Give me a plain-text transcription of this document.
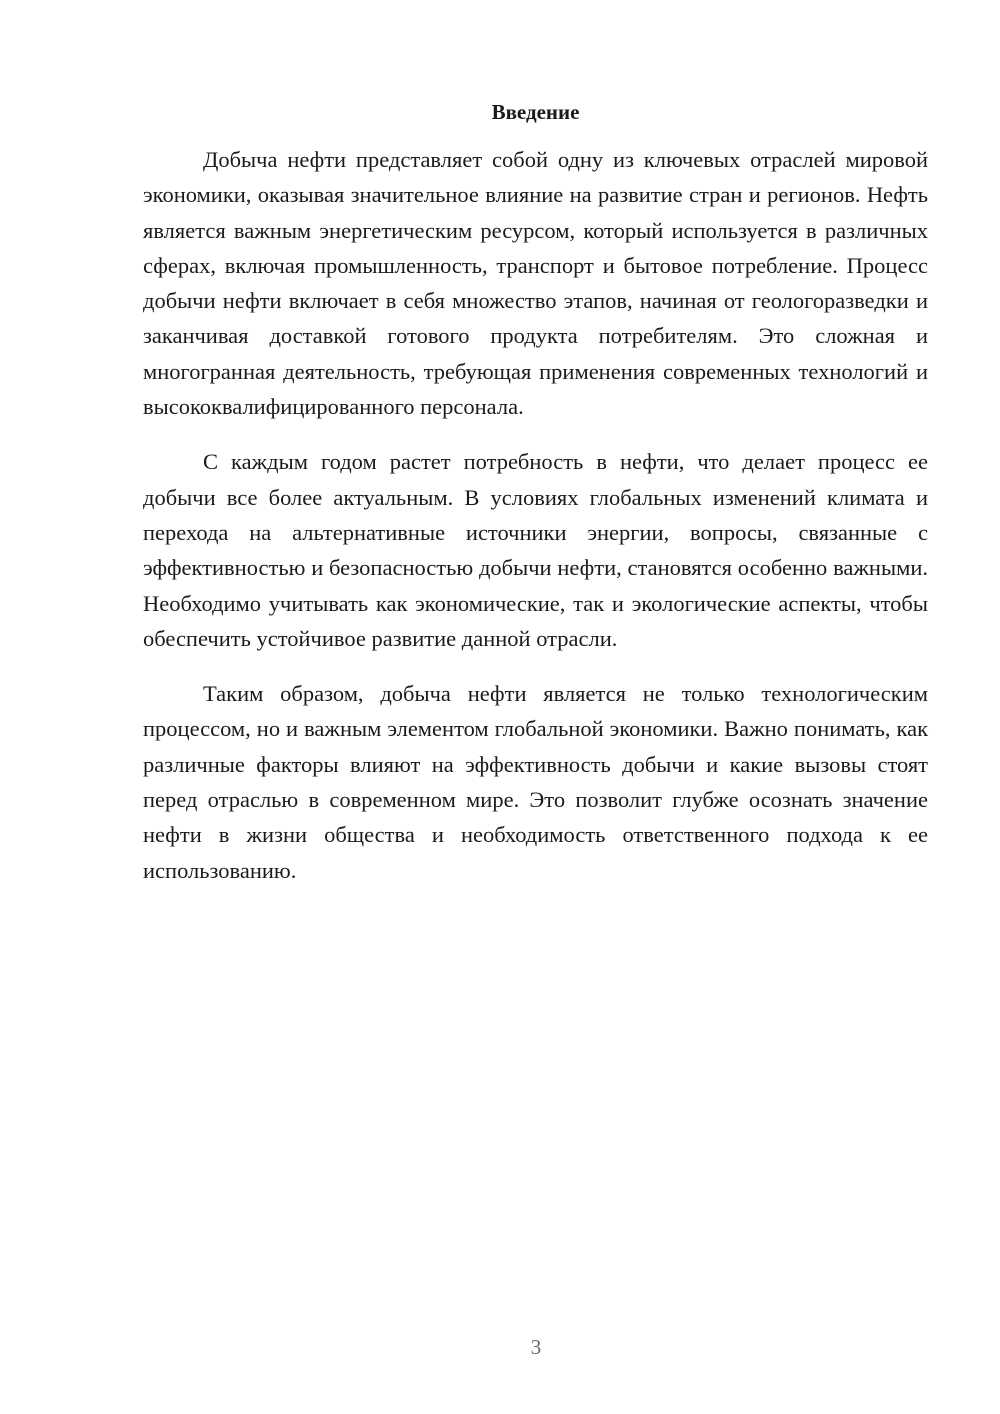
Введение

Добыча нефти представляет собой одну из ключевых отраслей мировой экономики, оказывая значительное влияние на развитие стран и регионов. Нефть является важным энергетическим ресурсом, который используется в различных сферах, включая промышленность, транспорт и бытовое потребление. Процесс добычи нефти включает в себя множество этапов, начиная от геологоразведки и заканчивая доставкой готового продукта потребителям. Это сложная и многогранная деятельность, требующая применения современных технологий и высококвалифицированного персонала.

С каждым годом растет потребность в нефти, что делает процесс ее добычи все более актуальным. В условиях глобальных изменений климата и перехода на альтернативные источники энергии, вопросы, связанные с эффективностью и безопасностью добычи нефти, становятся особенно важными. Необходимо учитывать как экономические, так и экологические аспекты, чтобы обеспечить устойчивое развитие данной отрасли.

Таким образом, добыча нефти является не только технологическим процессом, но и важным элементом глобальной экономики. Важно понимать, как различные факторы влияют на эффективность добычи и какие вызовы стоят перед отраслью в современном мире. Это позволит глубже осознать значение нефти в жизни общества и необходимость ответственного подхода к ее использованию.

3
